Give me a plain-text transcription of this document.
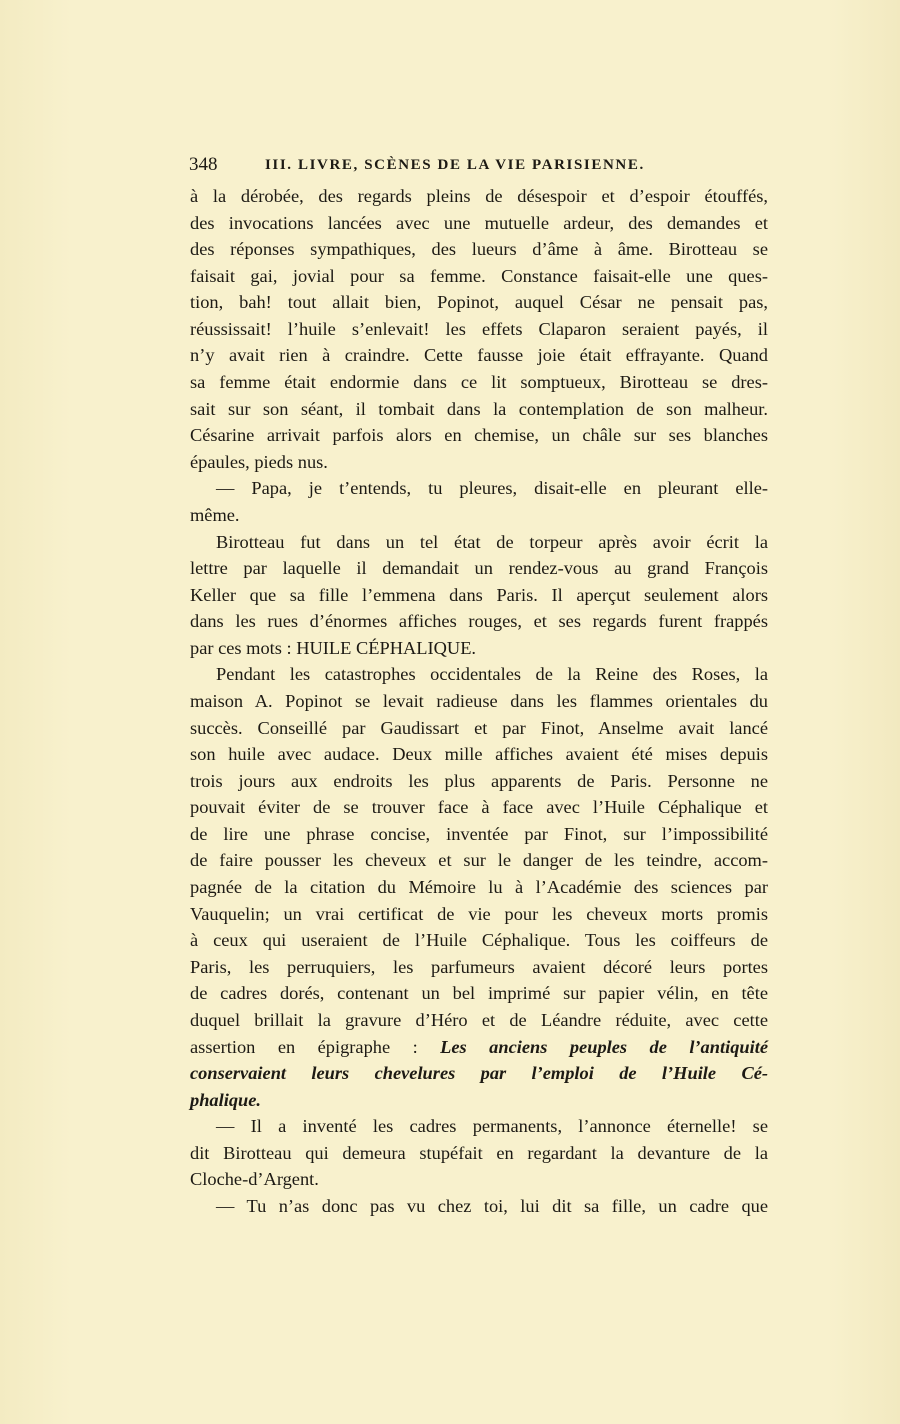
348	III. LIVRE, SCÈNES DE LA VIE PARISIENNE.
à la dérobée, des regards pleins de désespoir et d’espoir étouffés,
des invocations lancées avec une mutuelle ardeur, des demandes et
des réponses sympathiques, des lueurs d’âme à âme. Birotteau se
faisait gai, jovial pour sa femme. Constance faisait-elle une ques-
tion, bah! tout allait bien, Popinot, auquel César ne pensait pas,
réussissait! l’huile s’enlevait! les effets Claparon seraient payés, il
n’y avait rien à craindre. Cette fausse joie était effrayante. Quand
sa femme était endormie dans ce lit somptueux, Birotteau se dres-
sait sur son séant, il tombait dans la contemplation de son malheur.
Césarine arrivait parfois alors en chemise, un châle sur ses blanches
épaules, pieds nus.
— Papa, je t’entends, tu pleures, disait-elle en pleurant elle-
même.
Birotteau fut dans un tel état de torpeur après avoir écrit la
lettre par laquelle il demandait un rendez-vous au grand François
Keller que sa fille l’emmena dans Paris. Il aperçut seulement alors
dans les rues d’énormes affiches rouges, et ses regards furent frappés
par ces mots : HUILE CÉPHALIQUE.
Pendant les catastrophes occidentales de la Reine des Roses, la
maison A. Popinot se levait radieuse dans les flammes orientales du
succès. Conseillé par Gaudissart et par Finot, Anselme avait lancé
son huile avec audace. Deux mille affiches avaient été mises depuis
trois jours aux endroits les plus apparents de Paris. Personne ne
pouvait éviter de se trouver face à face avec l’Huile Céphalique et
de lire une phrase concise, inventée par Finot, sur l’impossibilité
de faire pousser les cheveux et sur le danger de les teindre, accom-
pagnée de la citation du Mémoire lu à l’Académie des sciences par
Vauquelin; un vrai certificat de vie pour les cheveux morts promis
à ceux qui useraient de l’Huile Céphalique. Tous les coiffeurs de
Paris, les perruquiers, les parfumeurs avaient décoré leurs portes
de cadres dorés, contenant un bel imprimé sur papier vélin, en tête
duquel brillait la gravure d’Héro et de Léandre réduite, avec cette
assertion en épigraphe : Les anciens peuples de l’antiquité
conservaient leurs chevelures par l’emploi de l’Huile Cé-
phalique.
— Il a inventé les cadres permanents, l’annonce éternelle! se
dit Birotteau qui demeura stupéfait en regardant la devanture de la
Cloche-d’Argent.
— Tu n’as donc pas vu chez toi, lui dit sa fille, un cadre que
